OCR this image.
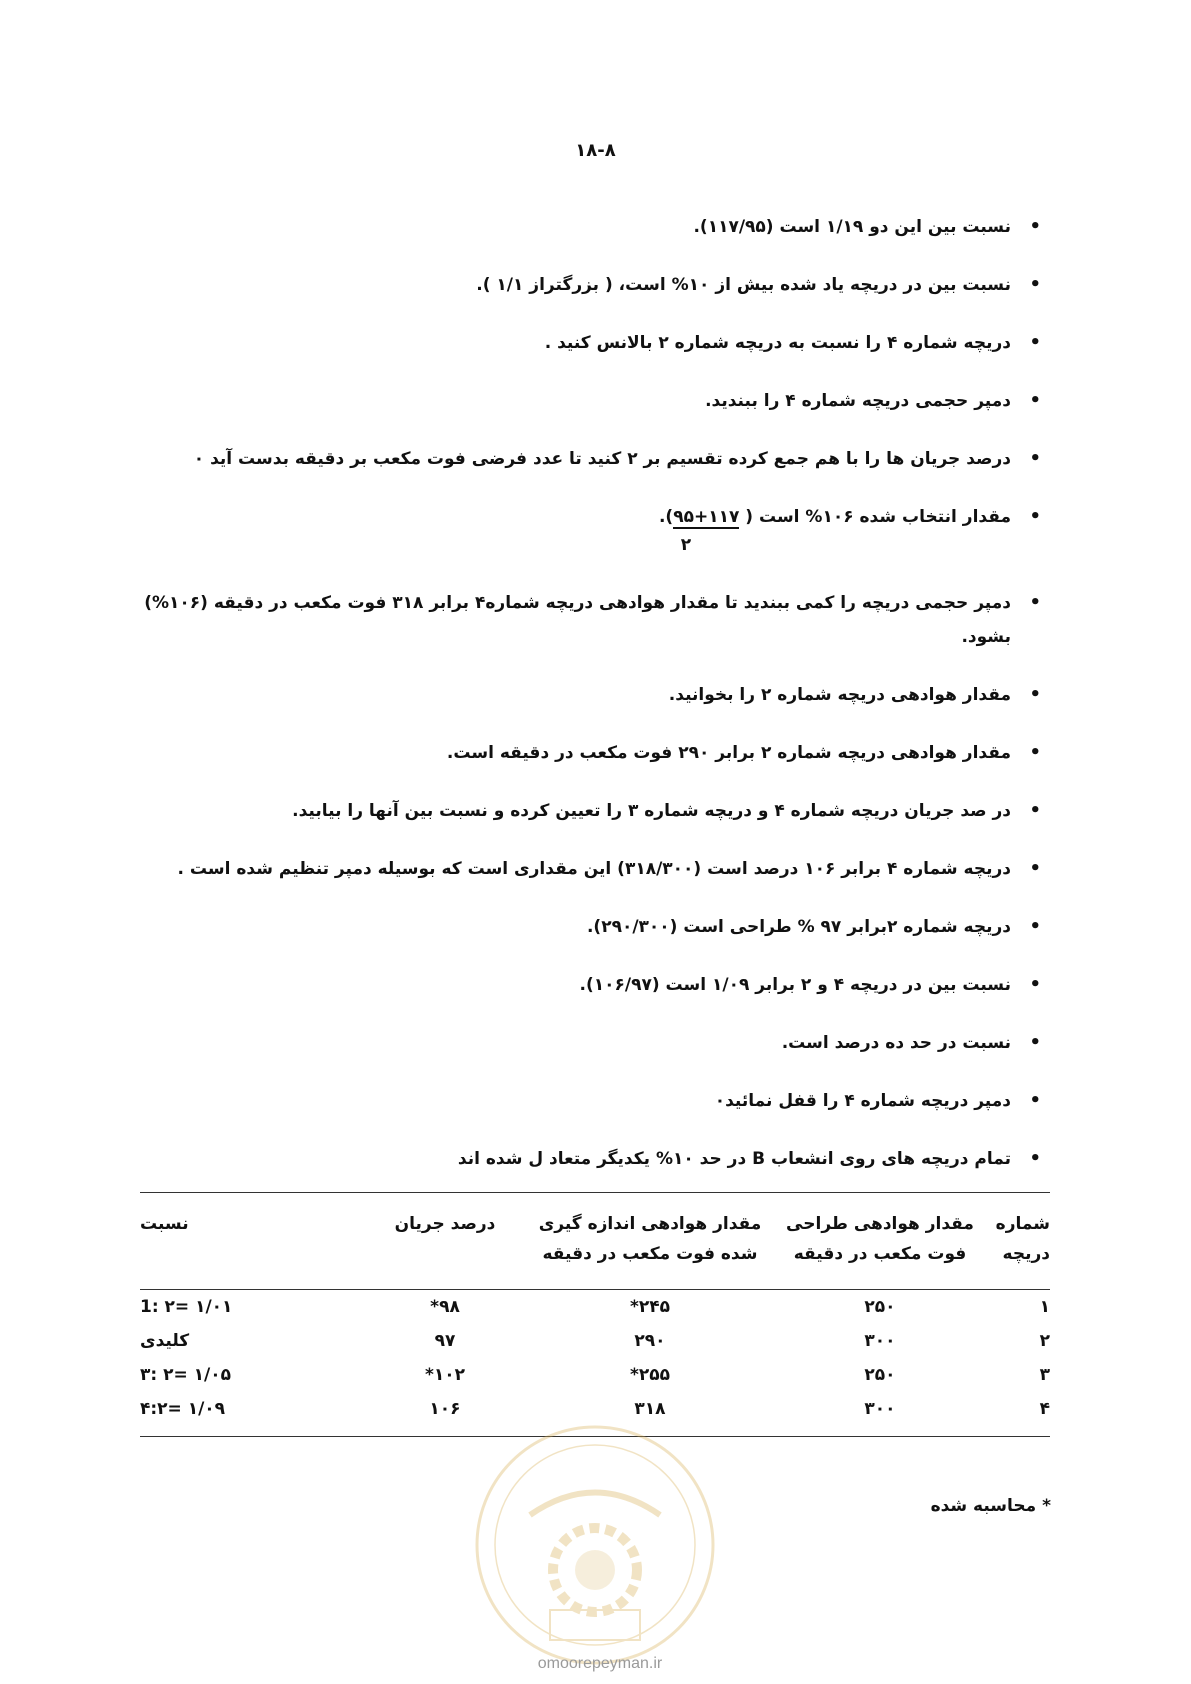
۱۸-۸
•
نسبت بین این دو ۱/۱۹ است (۱۱۷/۹۵).
•
نسبت بین در دریچه یاد شده بیش از ۱۰% است، ( بزرگتراز ۱/۱ ).
•
دریچه شماره ۴ را نسبت به دریچه شماره ۲ بالانس کنید .
•
دمپر حجمی دریچه شماره ۴ را ببندید.
•
درصد جریان ها را با هم جمع کرده تقسیم بر ۲ کنید تا عدد فرضی فوت مکعب بر دقیقه بدست آید ۰
•
مقدار انتخاب شده ۱۰۶% است ( ۱۱۷+۹۵).
۲
•
دمپر حجمی دریچه را کمی ببندید تا مقدار هوادهی دریچه شماره۴ برابر ۳۱۸ فوت مکعب در دقیقه (۱۰۶%) بشود.
•
مقدار هوادهی دریچه شماره ۲ را بخوانید.
•
مقدار هوادهی دریچه شماره ۲ برابر ۲۹۰ فوت مکعب در دقیقه است.
•
در صد جریان دریچه شماره ۴ و دریچه شماره ۳ را تعیین کرده و نسبت بین آنها را بیابید.
•
دریچه شماره ۴ برابر ۱۰۶ درصد است (۳۱۸/۳۰۰) این مقداری است که بوسیله دمپر تنظیم شده است .
•
دریچه شماره ۲برابر ۹۷ % طراحی است (۲۹۰/۳۰۰).
•
نسبت بین در دریچه ۴ و ۲ برابر ۱/۰۹ است (۱۰۶/۹۷).
•
نسبت در حد ده درصد است.
•
دمپر دریچه شماره ۴ را قفل نمائید۰
•
تمام دریچه های روی انشعاب B در حد ۱۰% یکدیگر متعاد ل شده اند
شماره دریچه	مقدار هوادهی طراحی فوت مکعب در دقیقه	مقدار هوادهی اندازه گیری شده فوت مکعب در دقیقه	درصد جریان	نسبت

۱	۲۵۰	۲۴۵*	۹۸*	1: ۲= ۱/۰۱
۲	۳۰۰	۲۹۰	۹۷	کلیدی
۳	۲۵۰	۲۵۵*	۱۰۲*	۳: ۲= ۱/۰۵
۴	۳۰۰	۳۱۸	۱۰۶	۴:۲= ۱/۰۹
* محاسبه شده
omoorepeyman.ir
